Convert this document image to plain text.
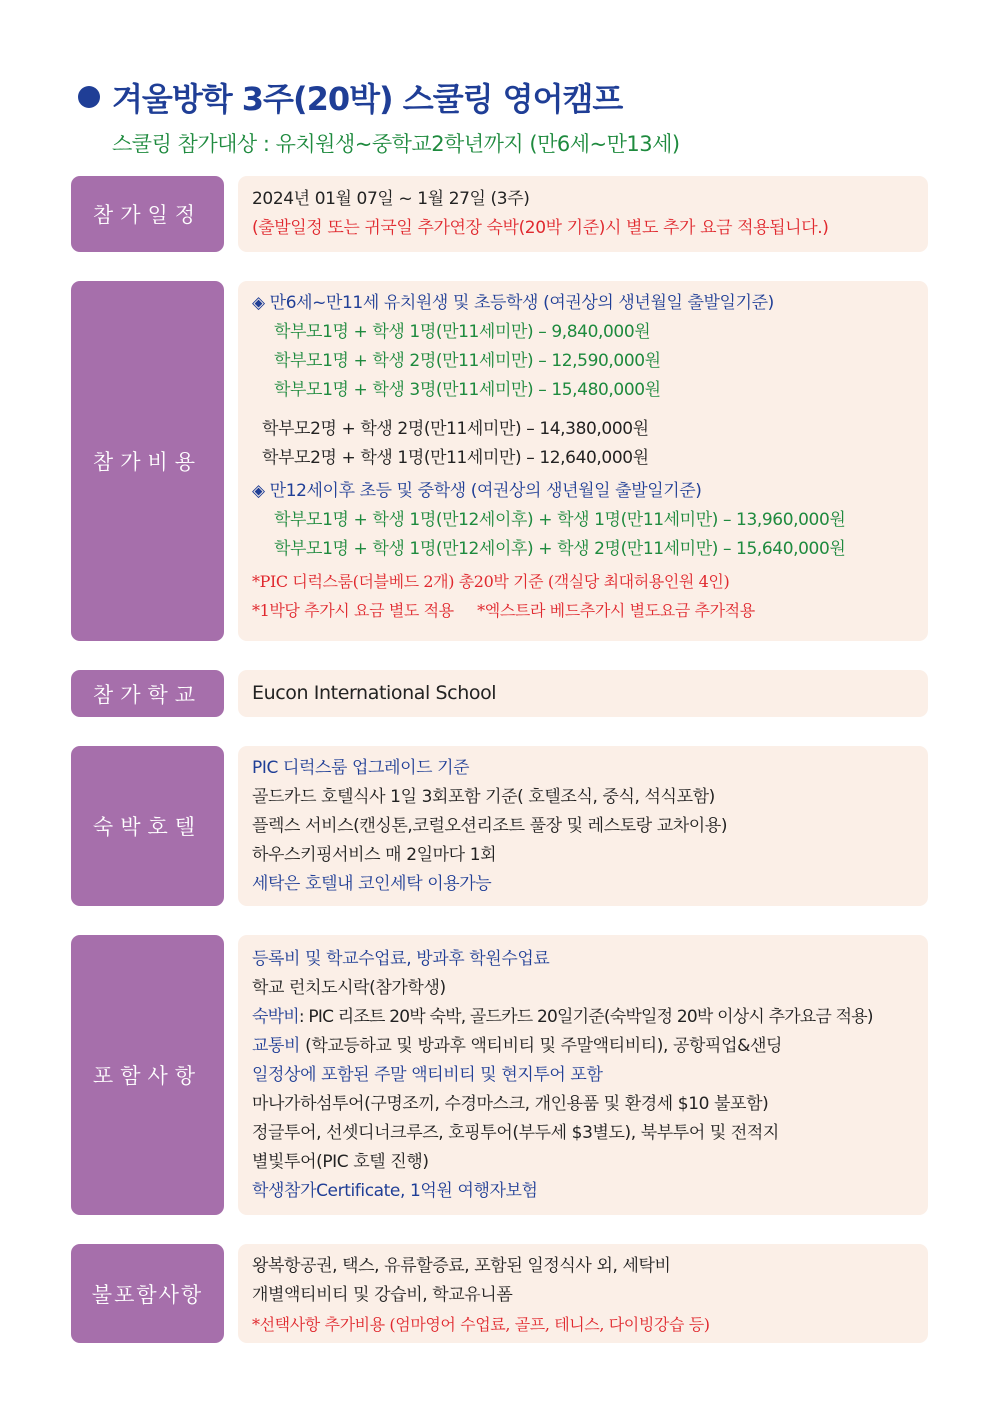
겨울방학 3주(20박) 스쿨링 영어캠프
스쿨링 참가대상 : 유치원생~중학교2학년까지 (만6세~만13세)
참가일정
2024년 01월 07일 ~ 1월 27일 (3주)
(출발일정 또는 귀국일 추가연장 숙박(20박 기준)시 별도 추가 요금 적용됩니다.)
참가비용
◈ 만6세~만11세 유치원생 및 초등학생 (여권상의 생년월일 출발일기준)
학부모1명 + 학생 1명(만11세미만) – 9,840,000원
학부모1명 + 학생 2명(만11세미만) – 12,590,000원
학부모1명 + 학생 3명(만11세미만) – 15,480,000원
학부모2명 + 학생 2명(만11세미만) – 14,380,000원
학부모2명 + 학생 1명(만11세미만) – 12,640,000원
◈ 만12세이후 초등 및 중학생 (여권상의 생년월일 출발일기준)
학부모1명 + 학생 1명(만12세이후) + 학생 1명(만11세미만) – 13,960,000원
학부모1명 + 학생 1명(만12세이후) + 학생 2명(만11세미만) – 15,640,000원
*PIC 디럭스룸(더블베드 2개) 총20박 기준 (객실당 최대허용인원 4인)
*1박당 추가시 요금 별도 적용     *엑스트라 베드추가시 별도요금 추가적용
참가학교	Eucon International School
숙박호텔
PIC 디럭스룸 업그레이드 기준
골드카드 호텔식사 1일 3회포함 기준( 호텔조식, 중식, 석식포함)
플렉스 서비스(캔싱톤,코럴오션리조트 풀장 및 레스토랑 교차이용)
하우스키핑서비스 매 2일마다 1회
세탁은 호텔내 코인세탁 이용가능
포함사항
등록비 및 학교수업료, 방과후 학원수업료
학교 런치도시락(참가학생)
숙박비: PIC 리조트 20박 숙박, 골드카드 20일기준(숙박일정 20박 이상시 추가요금 적용)
교통비 (학교등하교 및 방과후 액티비티 및 주말액티비티), 공항픽업&샌딩
일정상에 포함된 주말 액티비티 및 현지투어 포함
마나가하섬투어(구명조끼, 수경마스크, 개인용품 및 환경세 $10 불포함)
정글투어, 선셋디너크루즈, 호핑투어(부두세 $3별도), 북부투어 및 전적지
별빛투어(PIC 호텔 진행)
학생참가Certificate, 1억원 여행자보험
불포함사항
왕복항공권, 택스, 유류할증료, 포함된 일정식사 외, 세탁비
개별액티비티 및 강습비, 학교유니폼
*선택사항 추가비용 (엄마영어 수업료, 골프, 테니스, 다이빙강습 등)
